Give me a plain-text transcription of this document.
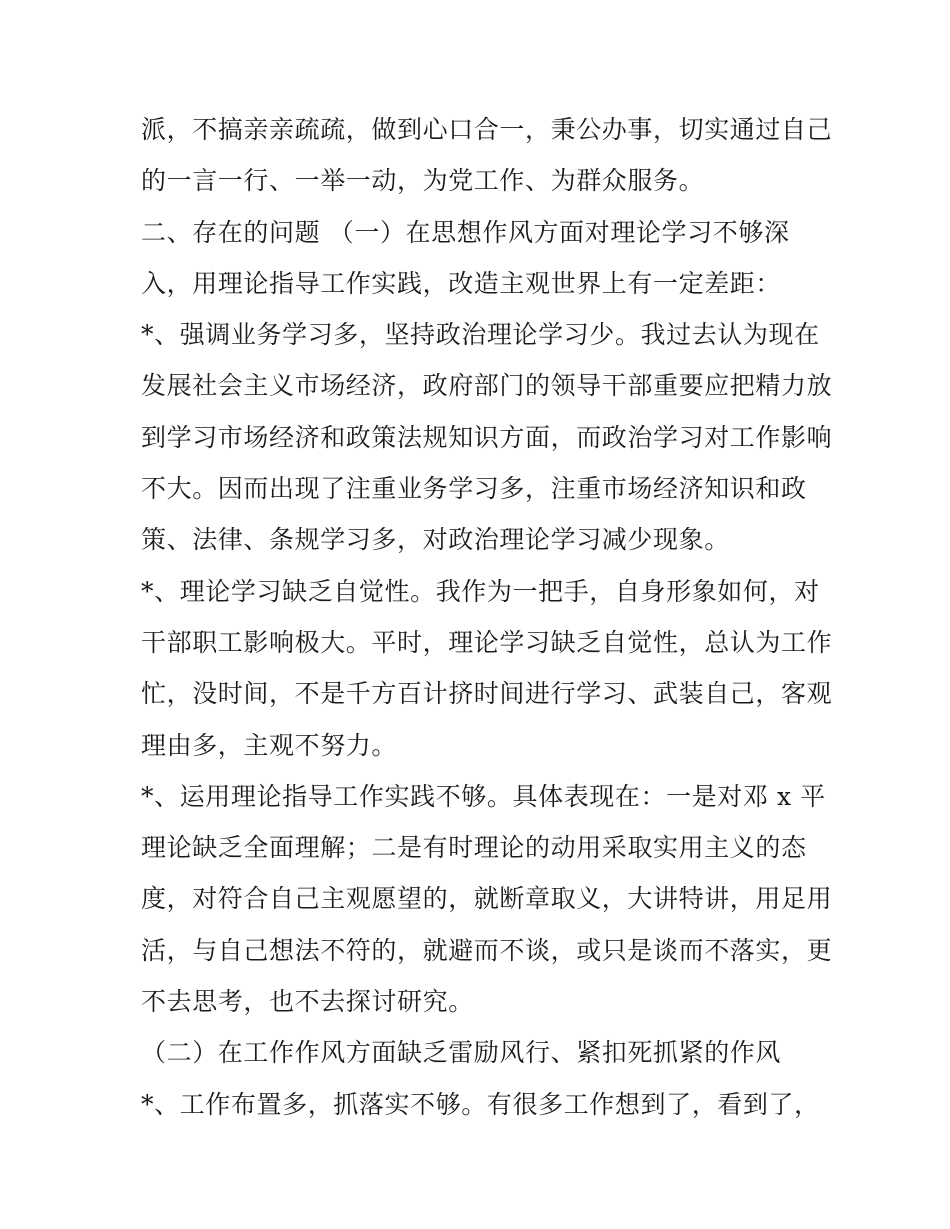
派，不搞亲亲疏疏，做到心口合一，秉公办事，切实通过自己
的一言一行、一举一动，为党工作、为群众服务。
二、存在的问题 （一）在思想作风方面对理论学习不够深
入，用理论指导工作实践，改造主观世界上有一定差距：
*、强调业务学习多，坚持政治理论学习少。我过去认为现在
发展社会主义市场经济，政府部门的领导干部重要应把精力放
到学习市场经济和政策法规知识方面，而政治学习对工作影响
不大。因而出现了注重业务学习多，注重市场经济知识和政
策、法律、条规学习多，对政治理论学习减少现象。
*、理论学习缺乏自觉性。我作为一把手，自身形象如何，对
干部职工影响极大。平时，理论学习缺乏自觉性，总认为工作
忙，没时间，不是千方百计挤时间进行学习、武装自己，客观
理由多，主观不努力。
*、运用理论指导工作实践不够。具体表现在：一是对邓 x 平
理论缺乏全面理解；二是有时理论的动用采取实用主义的态
度，对符合自己主观愿望的，就断章取义，大讲特讲，用足用
活，与自己想法不符的，就避而不谈，或只是谈而不落实，更
不去思考，也不去探讨研究。
（二）在工作作风方面缺乏雷励风行、紧扣死抓紧的作风
*、工作布置多，抓落实不够。有很多工作想到了，看到了，
